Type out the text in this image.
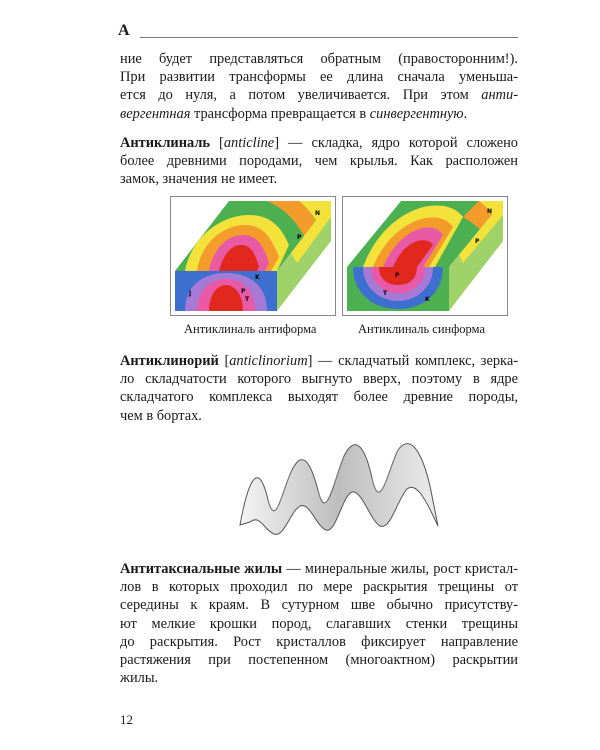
А
ние будет представляться обратным (правосторонним!).
При развитии трансформы ее длина сначала уменьша-
ется до нуля, а потом увеличивается. При этом анти-
вергентная трансформа превращается в синвергентную.
Антиклиналь [anticline] — складка, ядро которой сложено
более древними породами, чем крылья. Как расположен
замок, значения не имеет.
N
P
P
T
J
K
Антиклиналь антиформа
N
P
P
T
K
Антиклиналь синформа
Антиклинорий [anticlinorium] — складчатый комплекс, зерка-
ло складчатости которого выгнуто вверх, поэтому в ядре
складчатого комплекса выходят более древние породы,
чем в бортах.
Антитаксиальные жилы — минеральные жилы, рост кристал-
лов в которых проходил по мере раскрытия трещины от
середины к краям. В сутурном шве обычно присутству-
ют мелкие крошки пород, слагавших стенки трещины
до раскрытия. Рост кристаллов фиксирует направление
растяжения при постепенном (многоактном) раскрытии
жилы.
12
